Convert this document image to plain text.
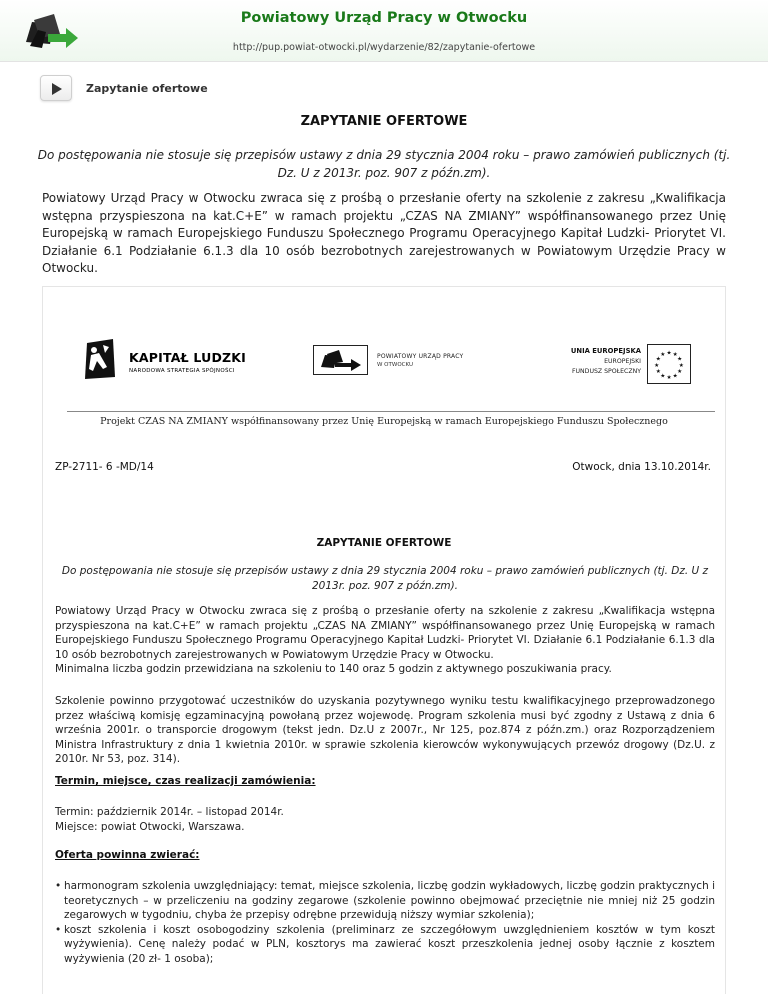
Powiatowy Urząd Pracy w Otwocku
http://pup.powiat-otwocki.pl/wydarzenie/82/zapytanie-ofertowe
Zapytanie ofertowe
ZAPYTANIE OFERTOWE
Do postępowania nie stosuje się przepisów ustawy z dnia 29 stycznia 2004 roku – prawo zamówień publicznych (tj. Dz. U z 2013r. poz. 907 z późn.zm).
Powiatowy Urząd Pracy w Otwocku zwraca się z prośbą o przesłanie oferty na szkolenie z zakresu „Kwalifikacja wstępna przyspieszona na kat.C+E” w ramach projektu „CZAS NA ZMIANY” współfinansowanego przez Unię Europejską w ramach Europejskiego Funduszu Społecznego Programu Operacyjnego Kapitał Ludzki- Priorytet VI. Działanie 6.1 Podziałanie 6.1.3 dla 10 osób bezrobotnych zarejestrowanych w Powiatowym Urzędzie Pracy w Otwocku.
KAPITAŁ LUDZKI
NARODOWA STRATEGIA SPÓJNOŚCI
POWIATOWY URZĄD PRACY
W OTWOCKU
UNIA EUROPEJSKA
EUROPEJSKI
FUNDUSZ SPOŁECZNY
★ ★
★
★
★
★
★
★
★
★
★
★
Projekt CZAS NA ZMIANY współfinansowany przez Unię Europejską w ramach Europejskiego Funduszu Społecznego
ZP-2711- 6 -MD/14	Otwock, dnia 13.10.2014r.
ZAPYTANIE OFERTOWE
Do postępowania nie stosuje się przepisów ustawy z dnia 29 stycznia 2004 roku – prawo zamówień publicznych (tj. Dz. U z 2013r. poz. 907 z późn.zm).
Powiatowy Urząd Pracy w Otwocku zwraca się z prośbą o przesłanie oferty na szkolenie z zakresu „Kwalifikacja wstępna przyspieszona na kat.C+E” w ramach projektu „CZAS NA ZMIANY” współfinansowanego przez Unię Europejską w ramach Europejskiego Funduszu Społecznego Programu Operacyjnego Kapitał Ludzki- Priorytet VI. Działanie 6.1 Podziałanie 6.1.3 dla 10 osób bezrobotnych zarejestrowanych w Powiatowym Urzędzie Pracy w Otwocku.
Minimalna liczba godzin przewidziana na szkoleniu to 140 oraz 5 godzin z aktywnego poszukiwania pracy.
Szkolenie powinno przygotować uczestników do uzyskania pozytywnego wyniku testu kwalifikacyjnego przeprowadzonego przez właściwą komisję egzaminacyjną powołaną przez wojewodę. Program szkolenia musi być zgodny z Ustawą z dnia 6 września 2001r. o transporcie drogowym (tekst jedn. Dz.U z 2007r., Nr 125, poz.874 z późn.zm.) oraz Rozporządzeniem Ministra Infrastruktury z dnia 1 kwietnia 2010r. w sprawie szkolenia kierowców wykonywujących przewóz drogowy (Dz.U. z 2010r. Nr 53, poz. 314).
Termin, miejsce, czas realizacji zamówienia:
Termin: październik 2014r. – listopad 2014r.
Miejsce: powiat Otwocki, Warszawa.
Oferta powinna zwierać:
• harmonogram szkolenia uwzględniający: temat, miejsce szkolenia, liczbę godzin wykładowych, liczbę godzin praktycznych i teoretycznych – w przeliczeniu na godziny zegarowe (szkolenie powinno obejmować przeciętnie nie mniej niż 25 godzin zegarowych w tygodniu, chyba że przepisy odrębne przewidują niższy wymiar szkolenia);
• koszt szkolenia i koszt osobogodziny szkolenia (preliminarz ze szczegółowym uwzględnieniem kosztów w tym koszt wyżywienia). Cenę należy podać w PLN, kosztorys ma zawierać koszt przeszkolenia jednej osoby łącznie z kosztem wyżywienia (20 zł- 1 osoba);
